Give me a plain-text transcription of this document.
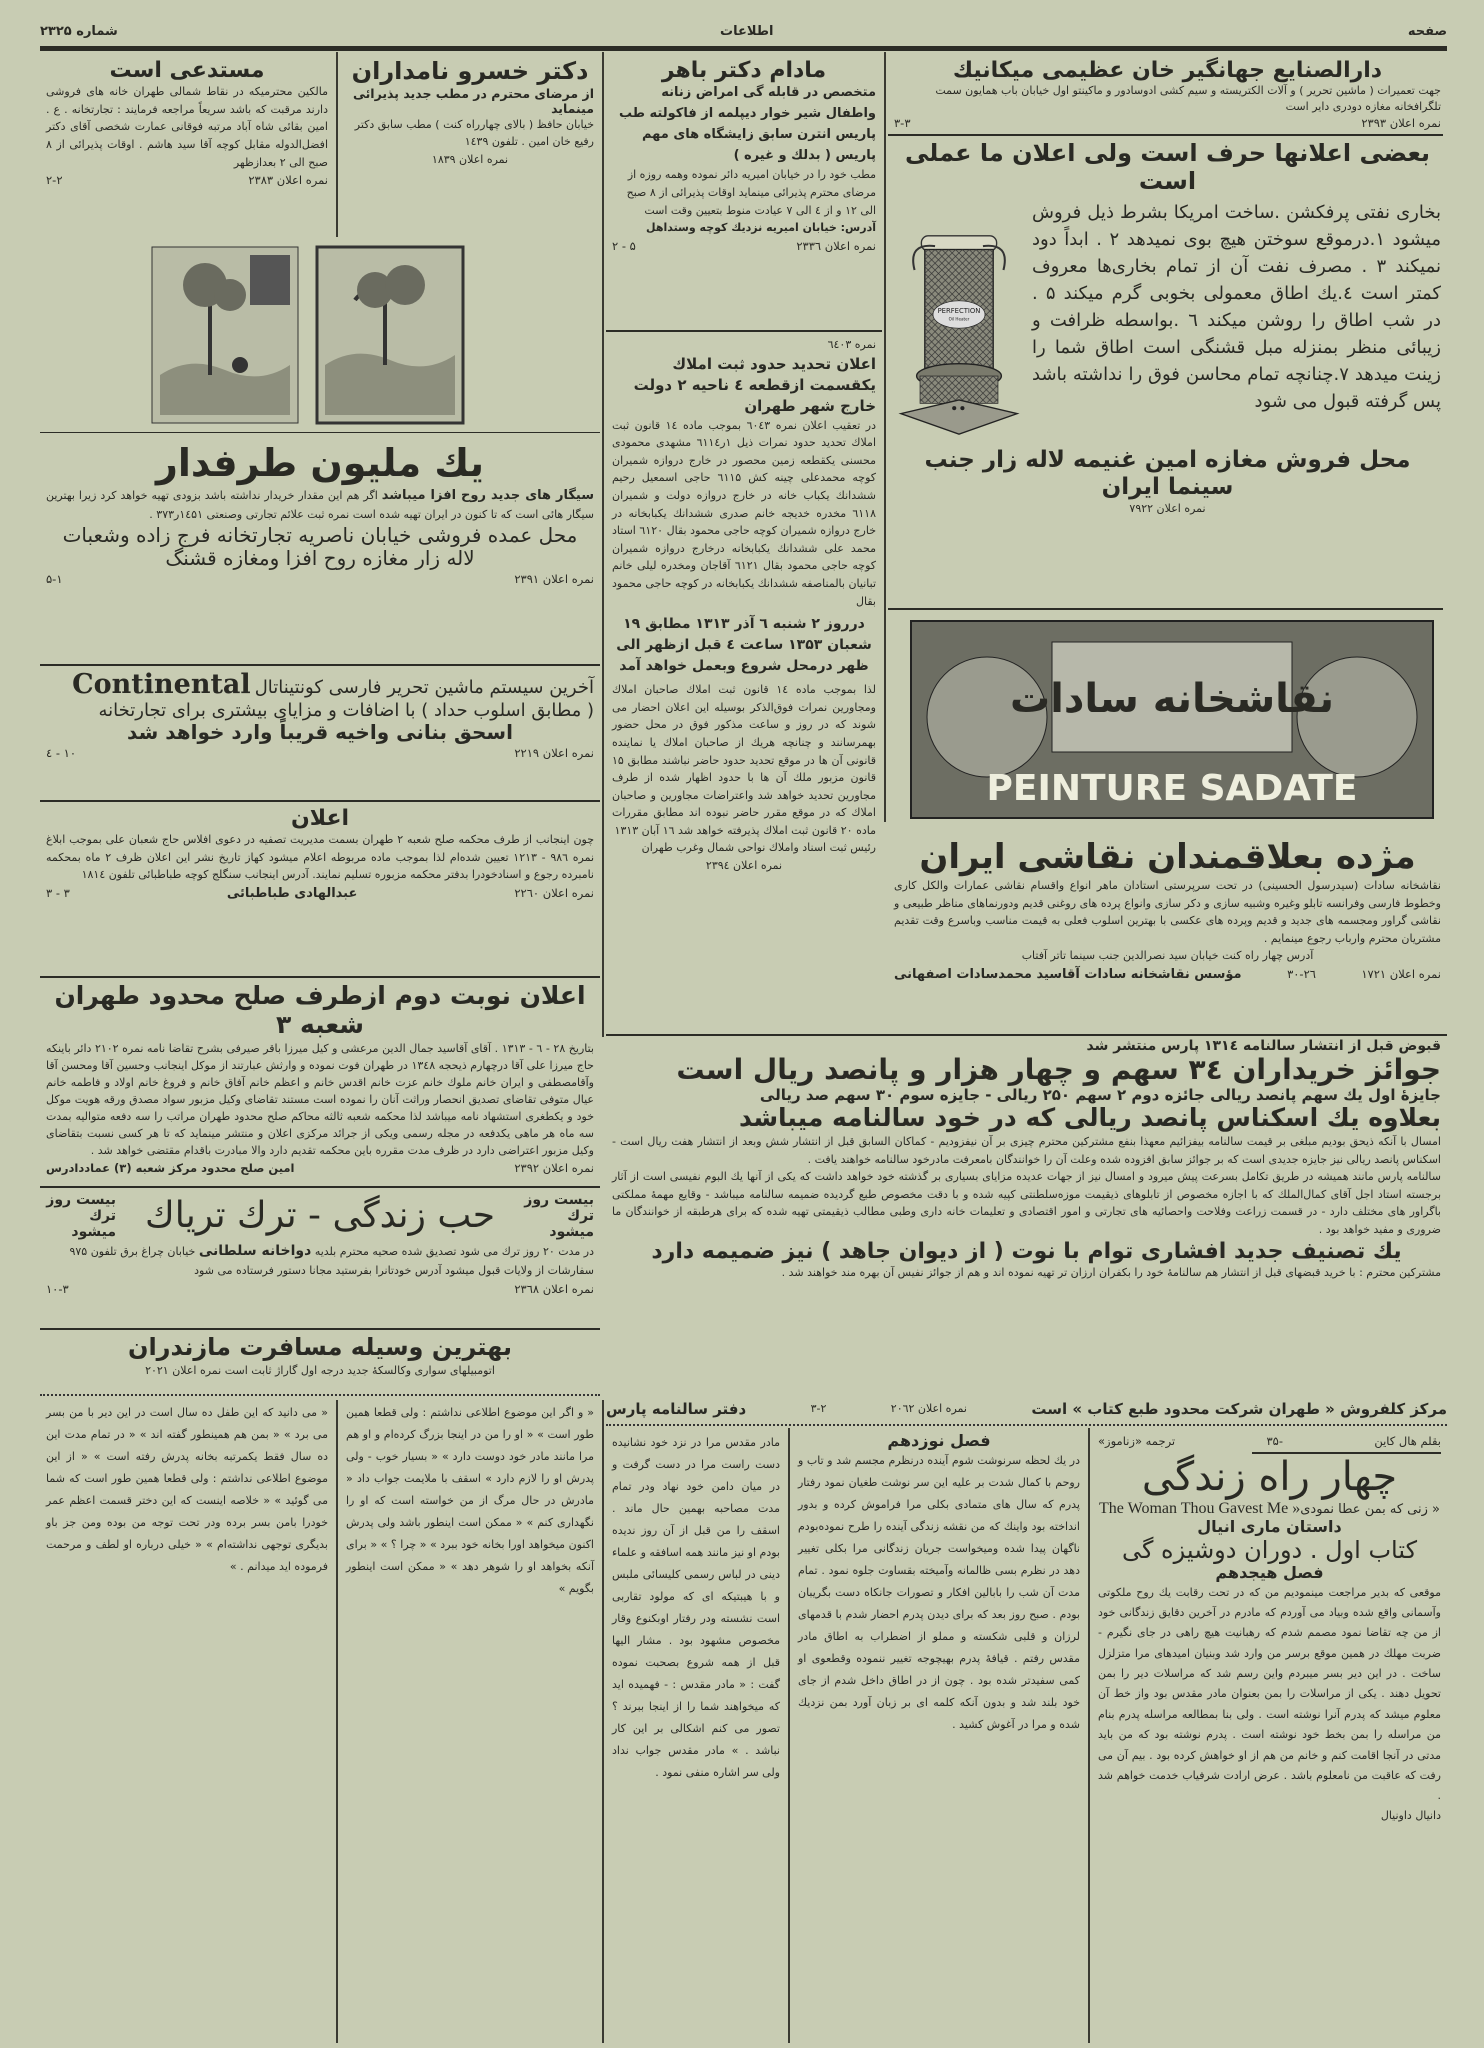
صفحه
اطلاعات
شماره ۲۳۲۵
دارالصنایع جهانگیر خان عظیمی میکانیك
جهت تعمیرات ( ماشین تحریر ) و آلات الکتریسته و سیم کشی ادوسادور و ماکینتو اول خیابان باب همایون سمت تلگرافخانه مغازه دودری دایر است
نمره اعلان ۲۳۹۳
۳-۳
بعضی اعلانها حرف است ولی اعلان ما عملی است
بخاری نفتی پرفکشن .ساخت امریکا بشرط ذیل فروش میشود ۱.درموقع سوختن هیچ بوی نمیدهد ۲ . ابداً دود نمیکند ۳ . مصرف نفت آن از تمام بخاری‌ها معروف کمتر است ٤.یك اطاق معمولی بخوبی گرم میکند ۵ . در شب اطاق را روشن میکند ٦ .بواسطه ظرافت و زیبائی منظر بمنزله مبل قشنگی است اطاق شما را زینت میدهد ۷.چنانچه تمام محاسن فوق را نداشته باشد پس گرفته قبول می شود
PERFECTION
Oil Heater
محل فروش مغازه امین غنیمه لاله زار جنب سینما ایران
نمره اعلان ۷۹۲۲
نقاشخانه سادات
PEINTURE SADATE
مژده بعلاقمندان نقاشی ایران
نقاشخانه سادات (سیدرسول الحسینی) در تحت سرپرستی استادان ماهر انواع واقسام نقاشی عمارات والکل کاری وخطوط فارسی وفرانسه تابلو وغیره وشبیه سازی و دکر سازی وانواع پرده های روغنی قدیم ودورنماهای مناظر طبیعی و نقاشی گراور ومجسمه های جدید و قدیم وپرده های عکسی با بهترین اسلوب فعلی به قیمت مناسب وباسرع وقت تقدیم مشتریان محترم وارباب رجوع مینمایم .
آدرس چهار راه کنت خیابان سید نصرالدین جنب سینما تاتر آفتاب
نمره اعلان ۱۷۲۱
۳۰-۲٦
مؤسس نقاشخانه سادات آقاسید محمدسادات اصفهانی
مادام دکتر باهر
متخصص در قابله گی امراض زنانه واطفال شیر خوار دیپلمه از فاکولته طب پاریس انترن سابق زایشگاه های مهم پاریس ( بدلك و غیره )
مطب خود را در خیابان امیریه دائر نموده وهمه روزه از مرضای محترم پذیرائی مینماید اوقات پذیرائی از ۸ صبح الی ۱۲ و از ٤ الی ۷ عیادت منوط بتعیین وقت است
آدرس: خیابان امیریه نزدیك کوچه وستداهل
نمره اعلان ۲۳۳٦
۵ - ۲
نمره ٦٤۰۳
اعلان تحدید حدود ثبت املاك یکقسمت ازقطعه ٤ ناحیه ۲ دولت خارج شهر طهران
در تعقیب اعلان نمره ٦۰٤۳ بموجب ماده ۱٤ قانون ثبت املاك تحدید حدود نمرات ذیل ۱ر٦۱۱٤ مشهدی محمودی محسنی یکقطعه زمین محصور در خارج دروازه شمیران کوچه محمدعلی چینه کش ٦۱۱۵ حاجی اسمعیل رحیم ششدانك یکباب خانه در خارج دروازه دولت و شمیران ٦۱۱۸ مخدره خدیجه خانم صدری ششدانك یکبابخانه در خارج دروازه شمیران کوچه حاجی محمود بقال ٦۱۲۰ استاد محمد علی ششدانك یکبابخانه درخارج دروازه شمیران کوچه حاجی محمود بقال ٦۱۲۱ آقاجان ومخدره لیلی خانم تبانیان بالمناصفه ششدانك یکبابخانه در کوچه حاجی محمود بقال
درروز ۲ شنبه ٦ آذر ۱۳۱۳ مطابق ۱۹ شعبان ۱۳۵۳ ساعت ٤ قبل ازظهر الی ظهر درمحل شروع وبعمل خواهد آمد
لذا بموجب ماده ۱٤ قانون ثبت املاك صاحبان املاك ومجاورین نمرات فوق‌الذکر بوسیله این اعلان احضار می شوند که در روز و ساعت مذکور فوق در محل حضور بهمرسانند و چنانچه هریك از صاحبان املاك یا نماینده قانونی آن ها در موقع تحدید حدود حاضر نباشند مطابق ۱۵ قانون مزبور ملك آن ها با حدود اظهار شده از طرف مجاورین تحدید خواهد شد واعتراضات مجاورین و صاحبان املاك که در موقع مقرر حاضر نبوده اند مطابق مقررات ماده ۲۰ قانون ثبت املاك پذیرفته خواهد شد ۱٦ آبان ۱۳۱۳
رئیس ثبت اسناد واملاك نواحی شمال وغرب طهران
نمره اعلان ۲۳۹٤
دکتر خسرو نامداران
از مرضای محترم در مطب جدید پذیرائی مینماید
خیابان حافظ ( بالای چهارراه کنت ) مطب سابق دکتر رفیع خان امین . تلفون ۱٤۳۹
نمره اعلان ۱۸۳۹
مستدعی است
مالکین محترمیکه در نقاط شمالی طهران خانه های فروشی دارند مرقبت که باشد سریعاً مراجعه فرمایند : تجارتخانه . ع . امین بقائی شاه آباد مرتبه فوقانی عمارت شخصی آقای دکتر افضل‌الدوله مقابل کوچه آقا سید هاشم . اوقات پذیرائی از ۸ صبح الی ۲ بعدازظهر
نمره اعلان ۲۳۸۳
۲-۲
یك مليون طرفدار
سیگار های جدید روح افزا میباشد اگر هم این مقدار خریدار نداشته باشد بزودی تهیه خواهد کرد زیرا بهترین سیگار هائی است که تا کنون در ایران تهیه شده است نمره ثبت علائم تجارتی وصنعتی ۱٤۵۱ر۳۷۳ .
محل عمده فروشی خیابان ناصریه تجارتخانه فرج زاده وشعبات
لاله زار مغازه روح افزا ومغازه قشنگ
نمره اعلان ۲۳۹۱
۵-۱
آخرین سیستم ماشین تحریر فارسی کونتیناتال
Continental
( مطابق اسلوب حداد ) با اضافات و مزایای بیشتری برای تجارتخانه
اسحق بنانی واخیه قریباً وارد خواهد شد
نمره اعلان ۲۲۱۹
۱۰ - ٤
اعلان
چون اینجانب از طرف محکمه صلح شعبه ۲ طهران بسمت مدیریت تصفیه در دعوی افلاس حاج شعبان علی بموجب ابلاغ نمره ۹۸٦ - ۱۲۱۳ تعیین شده‌ام لذا بموجب ماده مربوطه اعلام میشود کهاز تاریخ نشر این اعلان ظرف ۲ ماه بمحکمه نامبرده رجوع و اسنادخودرا بدفتر محکمه مزبوره تسلیم نمایند. آدرس اینجانب سنگلج کوچه طباطبائی تلفون ۱۸۱٤
نمره اعلان ۲۲٦۰
عبدالهادی طباطبائی
۳ - ۳
اعلان نوبت دوم ازطرف صلح محدود طهران شعبه ۳
بتاریخ ۲۸ - ٦ - ۱۳۱۳ . آقای آقاسید جمال الدین مرعشی و کیل میرزا باقر صیرفی بشرح تقاضا نامه نمره ۲۱۰۲ دائر باینکه حاج میرزا علی آقا درچهارم ذیحجه ۱۳٤۸ در طهران فوت نموده و وارثش عبارتند از موکل اینجانب وحسین آقا ومحسن آقا وآقامصطفی و ایران خانم ملوك خانم عزت خانم اقدس خانم و اعظم خانم آفاق خانم و فروغ خانم اولاد و فاطمه خانم عیال متوفی تقاضای تصدیق انحصار وراثت آنان را نموده است مستند تقاضای وکیل مزبور سواد مصدق ورقه هویت موکل خود و یکطغری استشهاد نامه میباشد لذا محکمه شعبه ثالثه محاکم صلح محدود طهران مراتب را سه دفعه متوالیه بمدت سه ماه هر ماهی یکدفعه در مجله رسمی ویکی از جرائد مرکزی اعلان و منتشر مینماید که تا هر کسی نسبت بتقاضای وکیل مزبور اعتراضی دارد در ظرف مدت مقرره باین محکمه تقدیم دارد والا مبادرت باقدام مقتضی خواهد شد .
نمره اعلان ۲۳۹۲
امین صلح محدود مرکز شعبه (۳) عماددادرس
بیست روز ترك میشود
حب زندگی - ترك تریاك
بیست روز ترك میشود
در مدت ۲۰ روز ترك می شود تصدیق شده صحیه محترم بلدیه دواخانه سلطانی خیابان چراغ برق تلفون ۹۷۵ سفارشات از ولایات قبول میشود آدرس خودتانرا بفرستید مجانا دستور فرستاده می شود
نمره اعلان ۲۳٦۸
۱۰-۳
بهترین وسیله مسافرت مازندران
اتومبیلهای سواری وکالسکهٔ جدید درجه اول گاراژ ثابت است نمره اعلان ۲۰۲۱
قبوض قبل از انتشار سالنامه ۱۳۱٤ پارس منتشر شد
جوائز خریداران ۳٤ سهم و چهار هزار و پانصد ریال است
جایزهٔ اول یك سهم پانصد ریالی جائزه دوم ۲ سهم ۲۵۰ ریالی - جایزه سوم ۳۰ سهم صد ریالی
بعلاوه یك اسکناس پانصد ریالی که در خود سالنامه میباشد
امسال با آنکه ذیحق بودیم مبلغی بر قیمت سالنامه بیفزائیم معهذا بنفع مشترکین محترم چیزی بر آن نیفزودیم - کماکان السابق قبل از انتشار شش وبعد از انتشار هفت ریال است - اسکناس پانصد ریالی نیز جایزه جدیدی است که بر جوائز سابق افزوده شده وعلت آن را خوانندگان بامعرفت مادرخود سالنامه خواهند یافت .
سالنامه پارس مانند همیشه در طریق تکامل بسرعت پیش میرود و امسال نیز از جهات عدیده مزایای بسیاری بر گذشته خود خواهد داشت که یکی از آنها یك البوم نفیسی است از آثار برجسته استاد اجل آقای کمال‌الملك که با اجازه مخصوص از تابلوهای ذیقیمت موزه‌سلطنتی کپیه شده و با دقت مخصوص طبع گردیده ضمیمه سالنامه میباشد - وقایع مهمهٔ مملکتی باگراور های مختلف دارد - در قسمت زراعت وفلاحت واحصائیه های تجارتی و امور اقتصادی و تعلیمات خانه داری وطبی مطالب ذیقیمتی تهیه شده که برای هرطبقه از خوانندگان ما ضروری و مفید خواهد بود .
یك تصنیف جدید افشاری توام با نوت ( از دیوان جاهد ) نیز ضمیمه دارد
مشترکین محترم : با خرید قبضهای قبل از انتشار هم سالنامهٔ خود را بکفران ارزان تر تهیه نموده اند و هم از جوائز نفیس آن بهره مند خواهند شد .
مرکز کلفروش « طهران شرکت محدود طبع کتاب » است
نمره اعلان ۲۰٦۲
۳-۲
دفتر سالنامه پارس
بقلم هال کاین
-۳۵
ترجمه «زناموز»
چهار راه زندگی
« زنی که بمن عطا نمودیThe Woman Thou Gavest Me »
داستان ماری انیال
کتاب اول . دوران دوشیزه گی
فصل هیجدهم
موقعی که بدیر مراجعت مینمودیم من که در تحت رقابت یك روح ملکوتی وآسمانی واقع شده وبیاد می آوردم که مادرم در آخرین دقایق زندگانی خود از من چه تقاضا نمود مصمم شدم که رهبانیت هیچ راهی در جای نگیرم - ضربت مهلك در همین موقع برسر من وارد شد وبنیان امیدهای مرا متزلزل ساخت . در این دیر بسر میبردم واین رسم شد که مراسلات دیر را بمن تحویل دهند . یکی از مراسلات را بمن بعنوان مادر مقدس بود واز خط آن معلوم میشد که پدرم آنرا نوشته است . ولی بنا بمطالعه مراسله پدرم بنام من مراسله را بمن بخط خود نوشته است . پدرم نوشته بود که من باید مدتی در آنجا اقامت کنم و خانم من هم از او خواهش کرده بود . بیم آن می رفت که عاقبت من نامعلوم باشد . عرض ارادت شرفیاب خدمت خواهم شد .
دانیال داونیال
فصل نوزدهم
در یك لحظه سرنوشت شوم آینده درنظرم مجسم شد و تاب و روحم با کمال شدت بر علیه این سر نوشت طغیان نمود رفتار پدرم که سال های متمادی بکلی مرا فراموش کرده و بدور انداخته بود واینك که من نقشه زندگی آینده را طرح نموده‌بودم ناگهان پیدا شده ومیخواست جریان زندگانی مرا بکلی تغییر دهد در نظرم بسی ظالمانه وآمیخته بقساوت جلوه نمود . تمام مدت آن شب را بابالین افکار و تصورات جانکاه دست بگریبان بودم . صبح روز بعد که برای دیدن پدرم احضار شدم با قدمهای لرزان و قلبی شکسته و مملو از اضطراب به اطاق مادر مقدس رفتم . قیافهٔ پدرم بهیچوجه تغییر ننموده وقطعوی او کمی سفیدتر شده بود . چون از در اطاق داخل شدم از جای خود بلند شد و بدون آنکه کلمه ای بر زبان آورد بمن نزدیك شده و مرا در آغوش کشید .
مادر مقدس مرا در نزد خود نشانیده دست راست مرا در دست گرفت و در میان دامن خود نهاد ودر تمام مدت مصاحبه بهمین حال ماند . اسقف را من قبل از آن روز ندیده بودم او نیز مانند همه اسافقه و علماء دینی در لباس رسمی کلیسائی ملبس و با هیبتیکه ای که مولود تقاربی است نشسته ودر رفتار اوبکنوع وقار مخصوص مشهود بود . مشار الیها قبل از همه شروع بصحبت نموده گفت : « مادر مقدس : - فهمیده اید که میخواهند شما را از اینجا ببرند ؟ تصور می کنم اشکالی بر این کار نباشد . » مادر مقدس جواب نداد ولی سر اشاره منفی نمود .
« و اگر این موضوع اطلاعی نداشتم : ولی قطعا همین طور است » « او را من در اینجا بزرگ کرده‌ام و او هم مرا مانند مادر خود دوست دارد » « بسیار خوب - ولی پدرش او را لازم دارد » اسقف با ملایمت جواب داد « مادرش در حال مرگ از من خواسته است که او را نگهداری کنم » « ممکن است اینطور باشد ولی پدرش اکنون میخواهد اورا بخانه خود ببرد » « چرا ؟ » « برای آنکه بخواهد او را شوهر دهد » « ممکن است اینطور بگویم »
« می دانید که این طفل ده سال است در این دیر با من بسر می برد » « بمن هم همینطور گفته اند » « در تمام مدت این ده سال فقط یکمرتبه بخانه پدرش رفته است » « از این موضوع اطلاعی نداشتم : ولی قطعا همین طور است که شما می گوئید » « خلاصه اینست که این دختر قسمت اعظم عمر خودرا بامن بسر برده ودر تحت توجه من بوده ومن جز باو بدیگری توجهی نداشته‌ام » « خیلی درباره او لطف و مرحمت فرموده اید میدانم . »
